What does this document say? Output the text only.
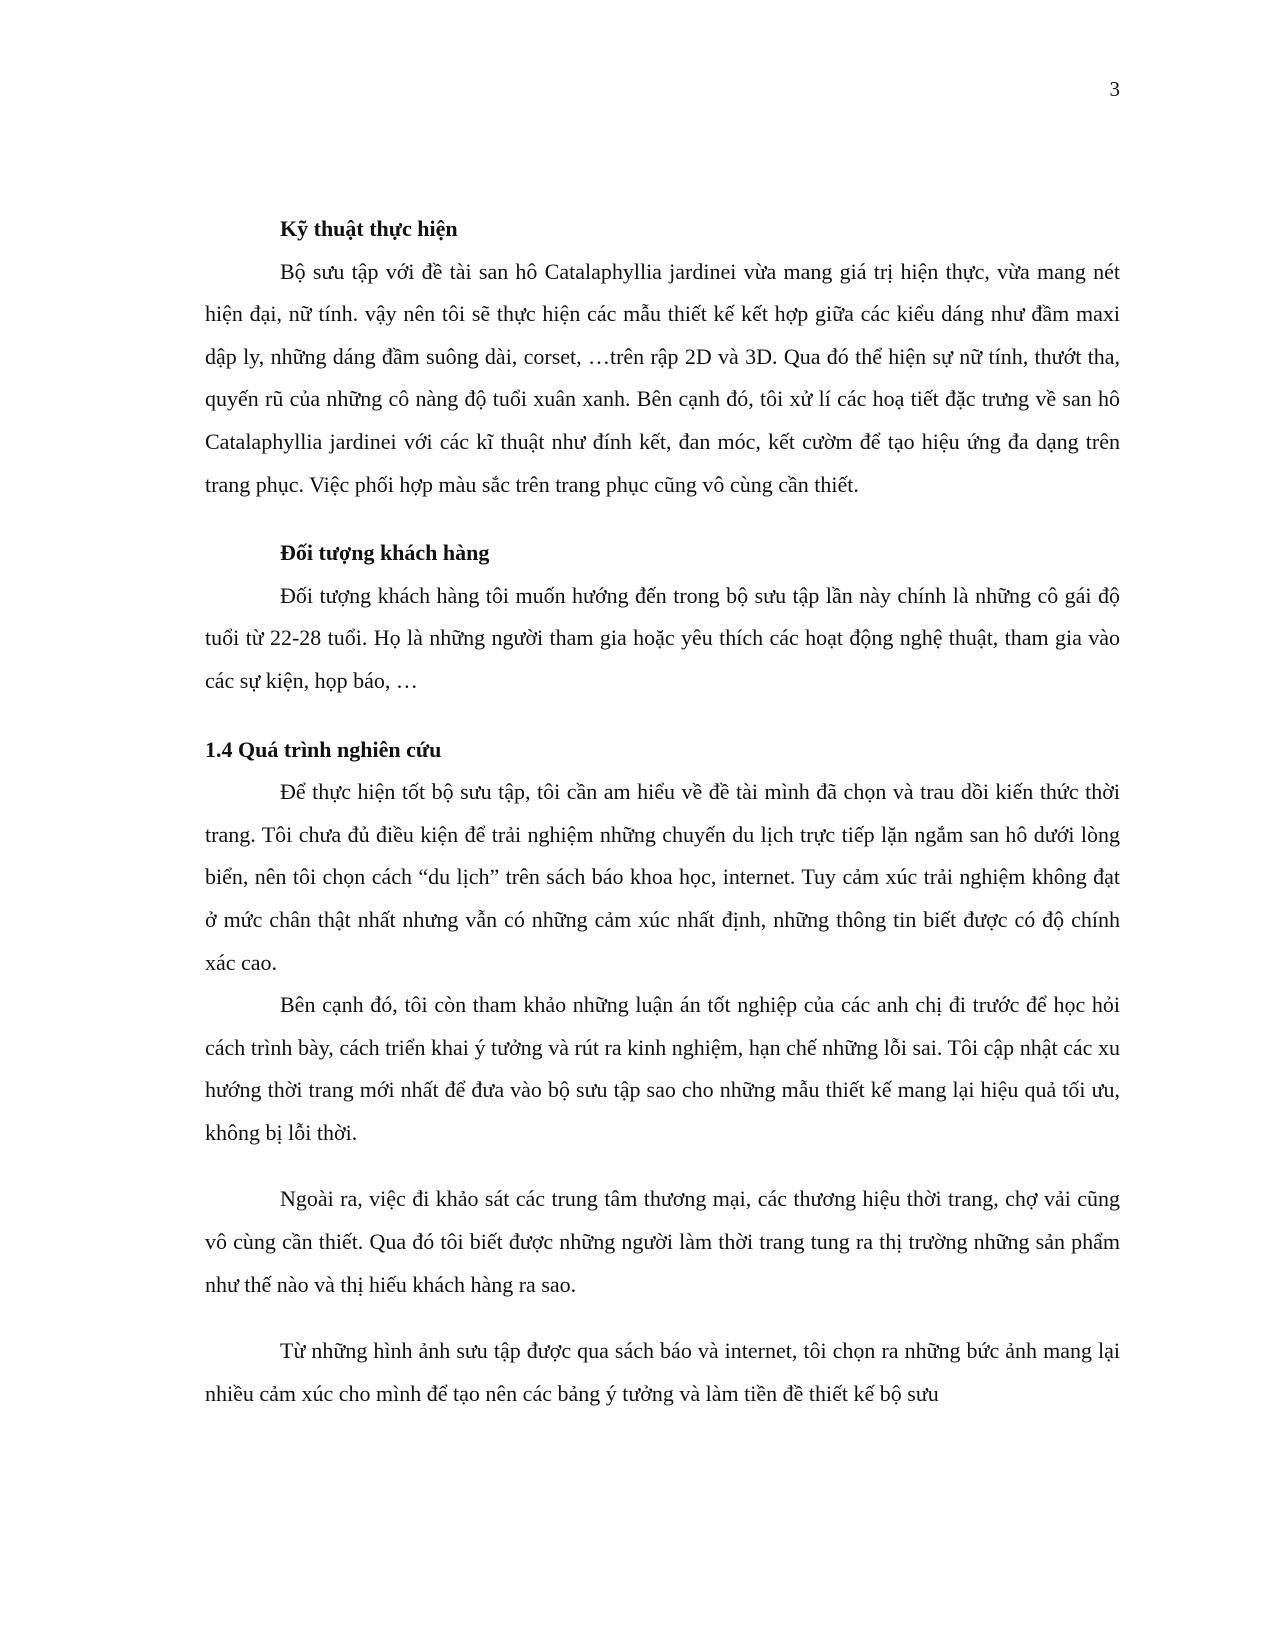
3

Kỹ thuật thực hiện

Bộ sưu tập với đề tài san hô Catalaphyllia jardinei vừa mang giá trị hiện thực, vừa mang nét hiện đại, nữ tính. vậy nên tôi sẽ thực hiện các mẫu thiết kế kết hợp giữa các kiểu dáng như đầm maxi dập ly, những dáng đầm suông dài, corset, …trên rập 2D và 3D. Qua đó thể hiện sự nữ tính, thướt tha, quyến rũ của những cô nàng độ tuổi xuân xanh. Bên cạnh đó, tôi xử lí các hoạ tiết đặc trưng về san hô Catalaphyllia jardinei với các kĩ thuật như đính kết, đan móc, kết cườm để tạo hiệu ứng đa dạng trên trang phục. Việc phối hợp màu sắc trên trang phục cũng vô cùng cần thiết.

Đối tượng khách hàng

Đối tượng khách hàng tôi muốn hướng đến trong bộ sưu tập lần này chính là những cô gái độ tuổi từ 22-28 tuổi. Họ là những người tham gia hoặc yêu thích các hoạt động nghệ thuật, tham gia vào các sự kiện, họp báo, …

1.4 Quá trình nghiên cứu

Để thực hiện tốt bộ sưu tập, tôi cần am hiểu về đề tài mình đã chọn và trau dồi kiến thức thời trang. Tôi chưa đủ điều kiện để trải nghiệm những chuyến du lịch trực tiếp lặn ngắm san hô dưới lòng biển, nên tôi chọn cách “du lịch” trên sách báo khoa học, internet. Tuy cảm xúc trải nghiệm không đạt ở mức chân thật nhất nhưng vẫn có những cảm xúc nhất định, những thông tin biết được có độ chính xác cao.

Bên cạnh đó, tôi còn tham khảo những luận án tốt nghiệp của các anh chị đi trước để học hỏi cách trình bày, cách triển khai ý tưởng và rút ra kinh nghiệm, hạn chế những lỗi sai. Tôi cập nhật các xu hướng thời trang mới nhất để đưa vào bộ sưu tập sao cho những mẫu thiết kế mang lại hiệu quả tối ưu, không bị lỗi thời.

Ngoài ra, việc đi khảo sát các trung tâm thương mại, các thương hiệu thời trang, chợ vải cũng vô cùng cần thiết. Qua đó tôi biết được những người làm thời trang tung ra thị trường những sản phẩm như thế nào và thị hiếu khách hàng ra sao.

Từ những hình ảnh sưu tập được qua sách báo và internet, tôi chọn ra những bức ảnh mang lại nhiều cảm xúc cho mình để tạo nên các bảng ý tưởng và làm tiền đề thiết kế bộ sưu
